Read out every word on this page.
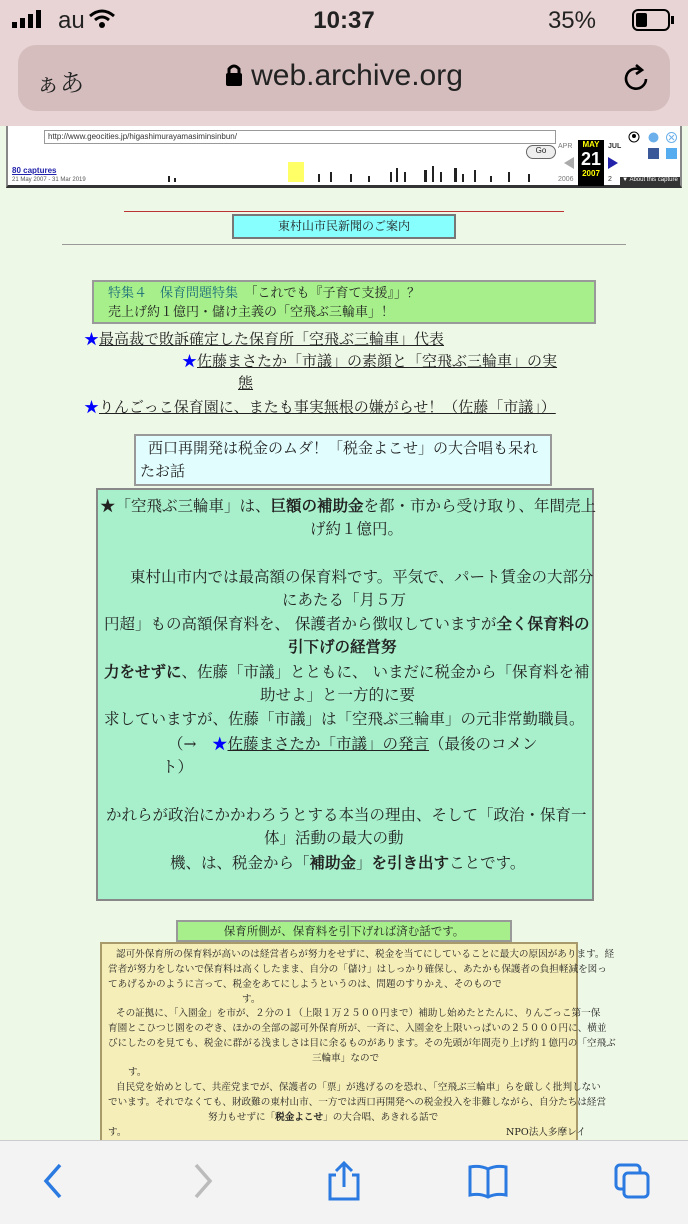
au	10:37	35%
ぁあ	web.archive.org
http://www.geocities.jp/higashimurayamasiminsinbun/
Go
80 captures
21 May 2007 - 31 Mar 2019
APR
2006
MAY
21
2007
JUL
2	▼ About this capture
東村山市民新聞のご案内
特集４　保育問題特集　 「これでも『子育て支援』」？
売上げ約１億円・儲け主義の「空飛ぶ三輪車」！
★最高裁で敗訴確定した保育所「空飛ぶ三輪車」代表
★佐藤まさたか「市議」の素顔と「空飛ぶ三輪車」の実
態
★りんごっこ保育園に、またも事実無根の嫌がらせ！（佐藤「市議」）
西口再開発は税金のムダ！「税金よこせ」の大合唱も呆れ
たお話

★「空飛ぶ三輪車」は、巨額の補助金を都・市から受け取り、年間売上

げ約１億円。

東村山市内では最高額の保育料です。平気で、パート賃金の大部分

にあたる「月５万

円超」もの高額保育料を、 保護者から徴収していますが全く保育料の

引下げの経営努

力をせずに、佐藤「市議」とともに、 いまだに税金から「保育料を補

助せよ」と一方的に要

求していますが、佐藤「市議」は「空飛ぶ三輪車」の元非常勤職員。

（→　★佐藤まさたか「市議」の発言（最後のコメン

ト）

かれらが政治にかかわろうとする本当の理由、そして「政治・保育一

体」活動の最大の動

機、は、税金から「補助金」を引き出すことです。

保育所側が、保育料を引下げれば済む話です。

認可外保育所の保育料が高いのは経営者らが努力をせずに、税金を当てにしていることに最大の原因があります。経

営者が努力をしないで保育料は高くしたまま、自分の「儲け」はしっかり確保し、あたかも保護者の負担軽減を図っ

てあげるかのように言って、税金をあてにしようというのは、問題のすりかえ、そのもので

す。

その証拠に、「入園金」を市が、２分の１（上限１万２５００円まで）補助し始めたとたんに、りんごっこ第一保

育園とこひつじ園をのぞき、ほかの全部の認可外保育所が、一斉に、入園金を上限いっぱいの２５０００円に、横並

びにしたのを見ても、税金に群がる浅ましさは目に余るものがあります。その先頭が年間売り上げ約１億円の「空飛ぶ

三輪車」なので

す。

自民党を始めとして、共産党までが、保護者の「票」が逃げるのを恐れ、「空飛ぶ三輪車」らを厳しく批判しない

でいます。それでなくても、財政難の東村山市、一方では西口再開発への税金投入を非難しながら、自分たちは経営

努力もせずに「税金よこせ」の大合唱、あきれる話で

す。	NPO法人多摩レイ
